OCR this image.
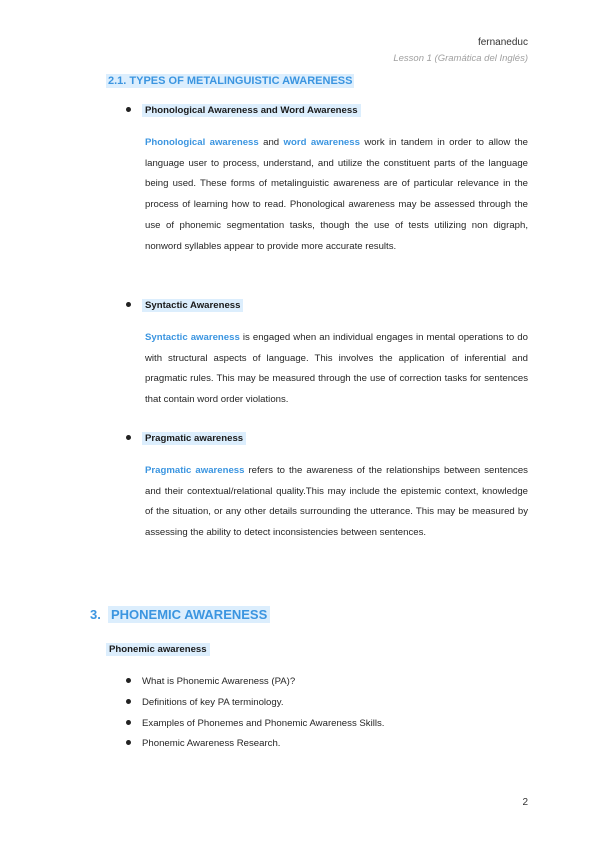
fernaneduc
Lesson 1 (Gramática del Inglés)
2.1. TYPES OF METALINGUISTIC AWARENESS
Phonological Awareness and Word Awareness

Phonological awareness and word awareness work in tandem in order to allow the language user to process, understand, and utilize the constituent parts of the language being used. These forms of metalinguistic awareness are of particular relevance in the process of learning how to read. Phonological awareness may be assessed through the use of phonemic segmentation tasks, though the use of tests utilizing non digraph, nonword syllables appear to provide more accurate results.

Syntactic Awareness

Syntactic awareness is engaged when an individual engages in mental operations to do with structural aspects of language. This involves the application of inferential and pragmatic rules. This may be measured through the use of correction tasks for sentences that contain word order violations.

Pragmatic awareness

Pragmatic awareness refers to the awareness of the relationships between sentences and their contextual/relational quality.This may include the epistemic context, knowledge of the situation, or any other details surrounding the utterance. This may be measured by assessing the ability to detect inconsistencies between sentences.

3. PHONEMIC AWARENESS
Phonemic awareness
What is Phonemic Awareness (PA)?
Definitions of key PA terminology.
Examples of Phonemes and Phonemic Awareness Skills.
Phonemic Awareness Research.
2
